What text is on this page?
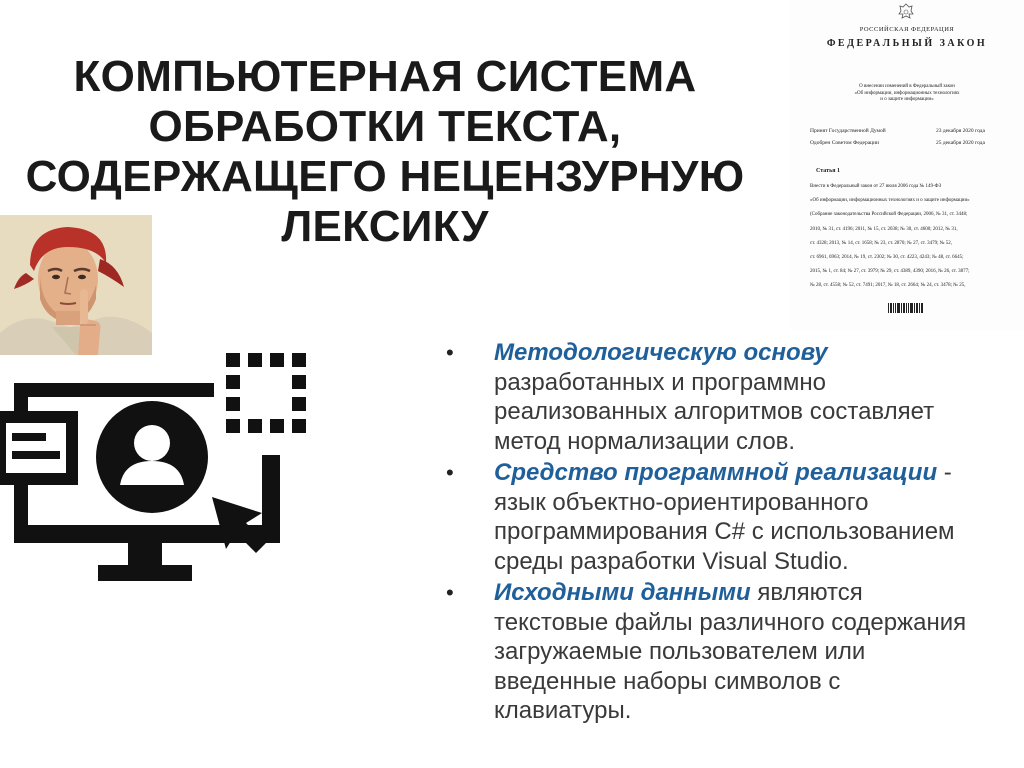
КОМПЬЮТЕРНАЯ СИСТЕМА
ОБРАБОТКИ ТЕКСТА,
СОДЕРЖАЩЕГО НЕЦЕНЗУРНУЮ
ЛЕКСИКУ
РОССИЙСКАЯ ФЕДЕРАЦИЯ
ФЕДЕРАЛЬНЫЙ ЗАКОН
О внесении изменений в Федеральный закон
«Об информации, информационных технологиях
и о защите информации»
Принят Государственной Думой	23 декабря 2020 года
Одобрен Советом Федерации	25 декабря 2020 года
Статья 1
Внести в Федеральный закон от 27 июля 2006 года № 149-ФЗ
«Об информации, информационных технологиях и о защите информации»
(Собрание законодательства Российской Федерации, 2006, № 31, ст. 3448;
2010, № 31, ст. 4196; 2011, № 15, ст. 2038; № 30, ст. 4600; 2012, № 31,
ст. 4328; 2013, № 14, ст. 1658; № 23, ст. 2870; № 27, ст. 3479; № 52,
ст. 6961, 6963; 2014, № 19, ст. 2302; № 30, ст. 4223, 4243; № 48, ст. 6645;
2015, № 1, ст. 84; № 27, ст. 3979; № 29, ст. 4389, 4390; 2016, № 26, ст. 3877;
№ 28, ст. 4558; № 52, ст. 7491; 2017, № 18, ст. 2664; № 24, ст. 3478; № 25,
• Методологическую основу
разработанных и программно
реализованных алгоритмов составляет
метод нормализации слов.
• Средство программной реализации -
язык объектно-ориентированного
программирования C# с использованием
среды разработки Visual Studio.
• Исходными данными являются
текстовые файлы различного содержания
загружаемые пользователем или
введенные наборы символов с
клавиатуры.
